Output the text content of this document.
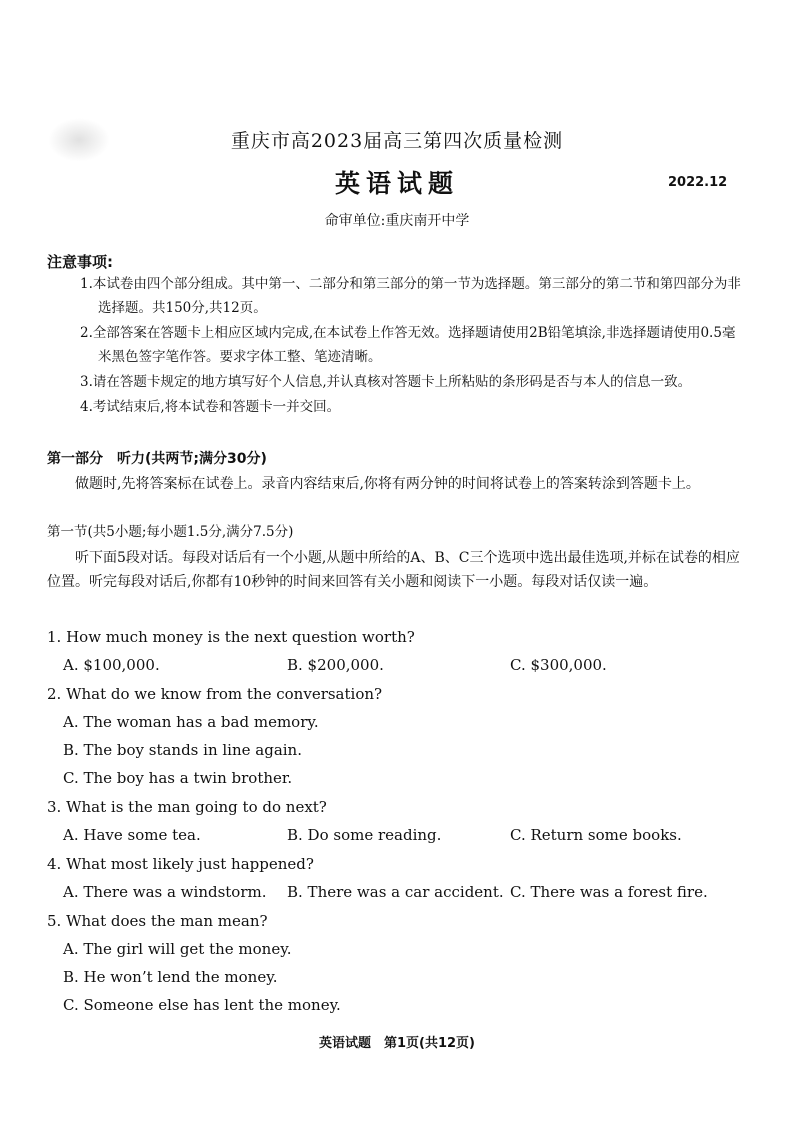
重庆市高2023届高三第四次质量检测
英语试题	2022.12
命审单位:重庆南开中学
注意事项:
1.本试卷由四个部分组成。其中第一、二部分和第三部分的第一节为选择题。第三部分的第二节和第四部分为非选择题。共150分,共12页。
2.全部答案在答题卡上相应区域内完成,在本试卷上作答无效。选择题请使用2B铅笔填涂,非选择题请使用0.5毫米黑色签字笔作答。要求字体工整、笔迹清晰。
3.请在答题卡规定的地方填写好个人信息,并认真核对答题卡上所粘贴的条形码是否与本人的信息一致。
4.考试结束后,将本试卷和答题卡一并交回。
第一部分　听力(共两节;满分30分)
做题时,先将答案标在试卷上。录音内容结束后,你将有两分钟的时间将试卷上的答案转涂到答题卡上。
第一节(共5小题;每小题1.5分,满分7.5分)
听下面5段对话。每段对话后有一个小题,从题中所给的A、B、C三个选项中选出最佳选项,并标在试卷的相应位置。听完每段对话后,你都有10秒钟的时间来回答有关小题和阅读下一小题。每段对话仅读一遍。
1. How much money is the next question worth?
A. $100,000.	B. $200,000.	C. $300,000.
2. What do we know from the conversation?
A. The woman has a bad memory.
B. The boy stands in line again.
C. The boy has a twin brother.
3. What is the man going to do next?
A. Have some tea.	B. Do some reading.	C. Return some books.
4. What most likely just happened?
A. There was a windstorm. B. There was a car accident. C. There was a forest fire.
5. What does the man mean?
A. The girl will get the money.
B. He won’t lend the money.
C. Someone else has lent the money.
英语试题　第1页(共12页)
